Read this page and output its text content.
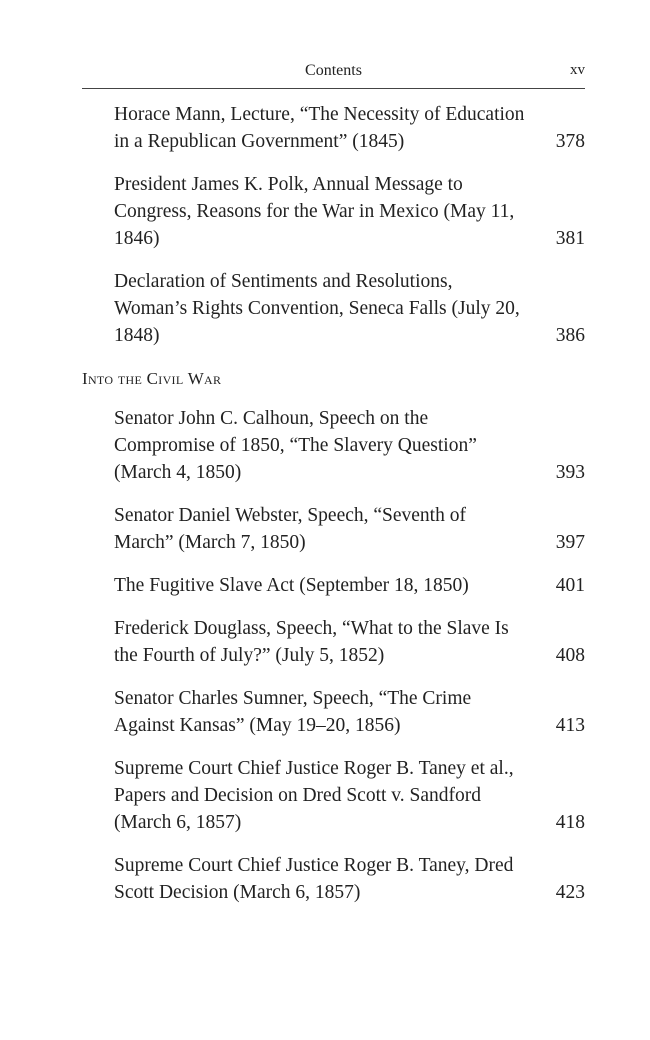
Contents	xv
Horace Mann, Lecture, “The Necessity of Education in a Republican Government” (1845)	378
President James K. Polk, Annual Message to Congress, Reasons for the War in Mexico (May 11, 1846)	381
Declaration of Sentiments and Resolutions, Woman’s Rights Convention, Seneca Falls (July 20, 1848)	386
Into the Civil War
Senator John C. Calhoun, Speech on the Compromise of 1850, “The Slavery Question” (March 4, 1850)	393
Senator Daniel Webster, Speech, “Seventh of March” (March 7, 1850)	397
The Fugitive Slave Act (September 18, 1850)	401
Frederick Douglass, Speech, “What to the Slave Is the Fourth of July?” (July 5, 1852)	408
Senator Charles Sumner, Speech, “The Crime Against Kansas” (May 19–20, 1856)	413
Supreme Court Chief Justice Roger B. Taney et al., Papers and Decision on Dred Scott v. Sandford (March 6, 1857)	418
Supreme Court Chief Justice Roger B. Taney, Dred Scott Decision (March 6, 1857)	423
